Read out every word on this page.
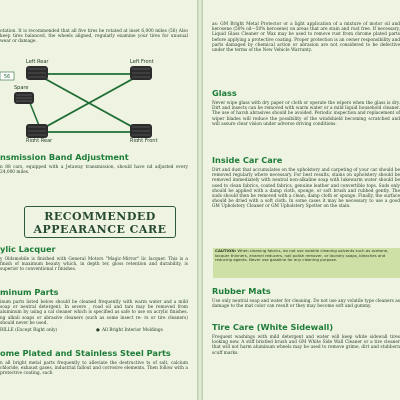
otation. It is recommended that all five tires be rotated at inset 6,000 miles (56) Also keep tires balanced, the wheels aligned, regularly examine your tires for unusual wear or damage.

56
Left Rear	Left Front
Spare
Right Rear	Right Front

nsmission Band Adjustment

n 88 cars, equipped with a Jetaway transmission, should have nd adjusted every 24,000 miles.

RECOMMENDED
APPEARANCE CARE

ylic Lacquer

y Oldsmobile is finished with General Motors "Magic-Mirror" lic lacquer. This is a finish of maximum beauty which, in depth ter, gloss retention and durability, is superior to conventional r finishes.

minum Parts

inum parts listed below should be cleaned frequently with warm water and a mild soap or neutral detergent. In severe , road oil and tars may be removed from aluminum by using a cal cleaner which is specified as safe to use on acrylic finishes. ng alkali soaps or abrasive cleaners (such as some insect re- rs or tire cleaners) should never be used.

RILLE (Except Right only)	● All Bright Interior Moldings

ome Plated and Stainless Steel Parts

n all bright metal parts frequently to alleviate the destructive ts of salt, calcium chloride, exhaust gases, industrial fallout and corrosive elements. Then follow with a protective coating, such

as: GM Bright Metal Protector or a light application of a mixture of motor oil and kerosene (50% oil—50% kerosene) on areas that are stain and rust free. If necessary, Liquid Glass Cleaner or Wax may be used to remove rust from chrome plated parts before applying a protective coating. Proper protection is an owner responsibility and parts damaged by chemical action or abrasion are not considered to be defective under the terms of the New Vehicle Warranty.

Glass

Never wipe glass with dry paper or cloth or operate the wipers when the glass is dry. Dirt and insects can be removed with warm water or a mild liquid household cleaner. The use of harsh abrasives should be avoided. Periodic inspection and replacement of wiper blades will reduce the possibility of the windshield becoming scratched and will assure clear vision under adverse driving conditions.

Inside Car Care

Dirt and dust that accumulates on the upholstery and carpeting of your car should be removed regularly where necessary. For best results, stains on upholstery should be removed immediately with neutral non-alkaline soap with lukewarm water should be used to clean fabrics, coated fabrics, genuine leather and convertible tops. Suds only should be applied with a damp cloth, sponge, or soft brush and rubbed gently. The suds should then be removed with a clean, damp cloth or sponge. Finally, the surface should be dried with a soft cloth. In some cases it may be necessary to use a good GM Upholstery Cleaner or GM Upholstery Spotter on the stain.

CAUTION: When cleaning fabrics, do not use volatile cleaning solvents such as acetone, lacquer thinners, enamel reducers, nail polish remover, or laundry soaps, bleaches and reducing agents. Never use gasoline for any cleaning purpose.

Rubber Mats

Use only neutral soap and water for cleaning. Do not use any volatile type cleaners as damage to the mat color can result or they may become soft and gummy.

Tire Care (White Sidewall)

Frequent washings with mild detergent and water will keep white sidewall tires looking new. A stiff bristled brush and GM White Side Wall Cleaner or a tire cleaner that will not harm aluminum wheels may be used to remove grime, dirt and stubborn scuff marks.
